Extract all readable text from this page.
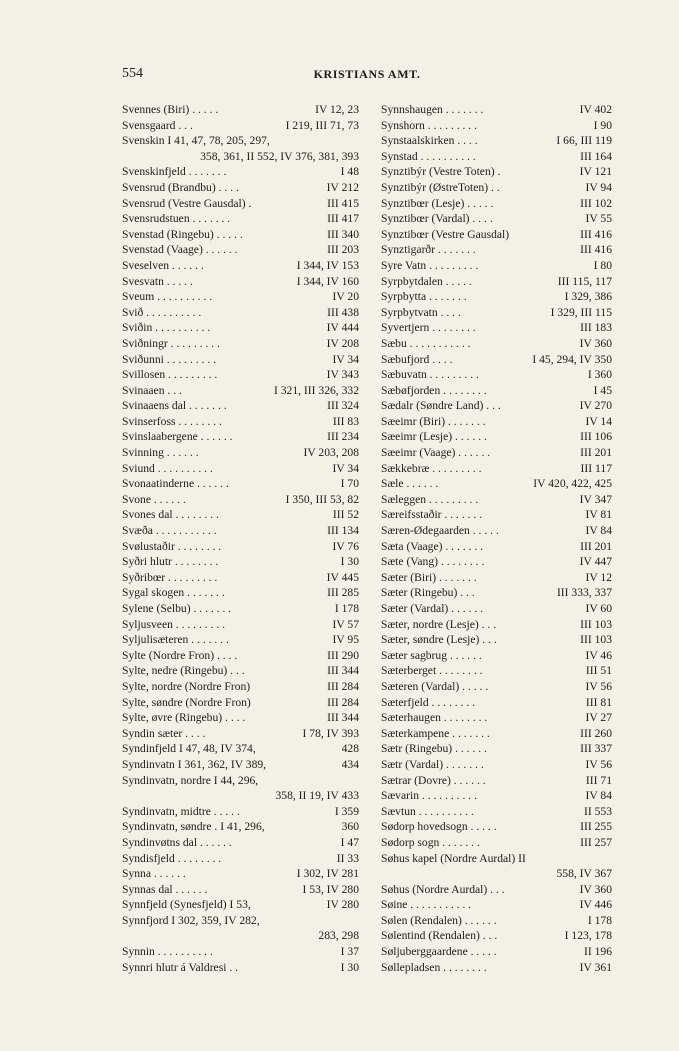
554	KRISTIANS AMT.
Svennes (Biri) . . . . .	IV 12, 23
Svensgaard . . .	I 219, III 71, 73
Svenskin I 41, 47, 78, 205, 297,
358, 361, II 552, IV 376, 381, 393
Svenskinfjeld . . . . . . .	I 48
Svensrud (Brandbu) . . . .	IV 212
Svensrud (Vestre Gausdal) .	III 415
Svensrudstuen . . . . . . .	III 417
Svenstad (Ringebu) . . . . .	III 340
Svenstad (Vaage) . . . . . .	III 203
Sveselven . . . . . .	I 344, IV 153
Svesvatn . . . . .	I 344, IV 160
Sveum . . . . . . . . . .	IV 20
Svið . . . . . . . . . .	III 438
Sviðin . . . . . . . . . .	IV 444
Sviðningr . . . . . . . . .	IV 208
Sviðunni . . . . . . . . .	IV 34
Svillosen . . . . . . . . .	IV 343
Svinaaen . . .	I 321, III 326, 332
Svinaaens dal . . . . . . .	III 324
Svinserfoss . . . . . . . .	III 83
Svinslaabergene . . . . . .	III 234
Svinning . . . . . .	IV 203, 208
Sviund . . . . . . . . . .	IV 34
Svonaatinderne . . . . . .	I 70
Svone . . . . . .	I 350, III 53, 82
Svones dal . . . . . . . .	III 52
Svæða . . . . . . . . . . .	III 134
Svølustaðir . . . . . . . .	IV 76
Syðri hlutr . . . . . . . .	I 30
Syðribœr . . . . . . . . .	IV 445
Sygal skogen . . . . . . .	III 285
Sylene (Selbu) . . . . . . .	I 178
Syljusveen . . . . . . . . .	IV 57
Syljulisæteren . . . . . . .	IV 95
Sylte (Nordre Fron) . . . .	III 290
Sylte, nedre (Ringebu) . . .	III 344
Sylte, nordre (Nordre Fron)	III 284
Sylte, søndre (Nordre Fron)	III 284
Sylte, øvre (Ringebu) . . . .	III 344
Syndin sæter . . . .	I 78, IV 393
Syndinfjeld I 47, 48, IV 374,	428
Syndinvatn I 361, 362, IV 389,	434
Syndinvatn, nordre I 44, 296,
358, II 19, IV 433
Syndinvatn, midtre . . . . .	I 359
Syndinvatn, søndre . I 41, 296,	360
Syndinvøtns dal . . . . . .	I 47
Syndisfjeld . . . . . . . .	II 33
Synna . . . . . .	I 302, IV 281
Synnas dal . . . . . .	I 53, IV 280
Synnfjeld (Synesfjeld) I 53,	IV 280
Synnfjord I 302, 359, IV 282,
283, 298
Synnin . . . . . . . . . .	I 37
Synnri hlutr á Valdresi . .	I 30
Synnshaugen . . . . . . .	IV 402
Synshorn . . . . . . . . .	I 90
Synstaalskirken . . . .	I 66, III 119
Synstad . . . . . . . . . .	III 164
Synztibýr (Vestre Toten) .	IV 121
Synztibýr (ØstreToten) . .	IV 94
Synztibœr (Lesje) . . . . .	III 102
Synztibœr (Vardal) . . . .	IV 55
Synztibœr (Vestre Gausdal)	III 416
Synztigarðr . . . . . . .	III 416
Syre Vatn . . . . . . . . .	I 80
Syrpbytdalen . . . . .	III 115, 117
Syrpbytta . . . . . . .	I 329, 386
Syrpbytvatn . . . .	I 329, III 115
Syvertjern . . . . . . . .	III 183
Sæbu . . . . . . . . . . .	IV 360
Sæbufjord . . . .	I 45, 294, IV 350
Sæbuvatn . . . . . . . . .	I 360
Sæbøfjorden . . . . . . . .	I 45
Sædalr (Søndre Land) . . .	IV 270
Sæeimr (Biri) . . . . . . .	IV 14
Sæeimr (Lesje) . . . . . .	III 106
Sæeimr (Vaage) . . . . . .	III 201
Sækkebræ . . . . . . . . .	III 117
Sæle . . . . . .	IV 420, 422, 425
Sæleggen . . . . . . . . .	IV 347
Særeifsstaðir . . . . . . .	IV 81
Særen-Ødegaarden . . . . .	IV 84
Sæta (Vaage) . . . . . . .	III 201
Sæte (Vang) . . . . . . . .	IV 447
Sæter (Biri) . . . . . . .	IV 12
Sæter (Ringebu) . . .	III 333, 337
Sæter (Vardal) . . . . . .	IV 60
Sæter, nordre (Lesje) . . .	III 103
Sæter, søndre (Lesje) . . .	III 103
Sæter sagbrug . . . . . .	IV 46
Sæterberget . . . . . . . .	III 51
Sæteren (Vardal) . . . . .	IV 56
Sæterfjeld . . . . . . . .	III 81
Sæterhaugen . . . . . . . .	IV 27
Sæterkampene . . . . . . .	III 260
Sætr (Ringebu) . . . . . .	III 337
Sætr (Vardal) . . . . . . .	IV 56
Sætrar (Dovre) . . . . . .	III 71
Sævarin . . . . . . . . . .	IV 84
Sævtun . . . . . . . . . .	II 553
Sødorp hovedsogn . . . . .	III 255
Sødorp sogn . . . . . . .	III 257
Søhus kapel (Nordre Aurdal) II
558, IV 367
Søhus (Nordre Aurdal) . . .	IV 360
Søine . . . . . . . . . . .	IV 446
Sølen (Rendalen) . . . . . .	I 178
Sølentind (Rendalen) . . .	I 123, 178
Søljuberggaardene . . . . .	II 196
Søllepladsen . . . . . . . .	IV 361
